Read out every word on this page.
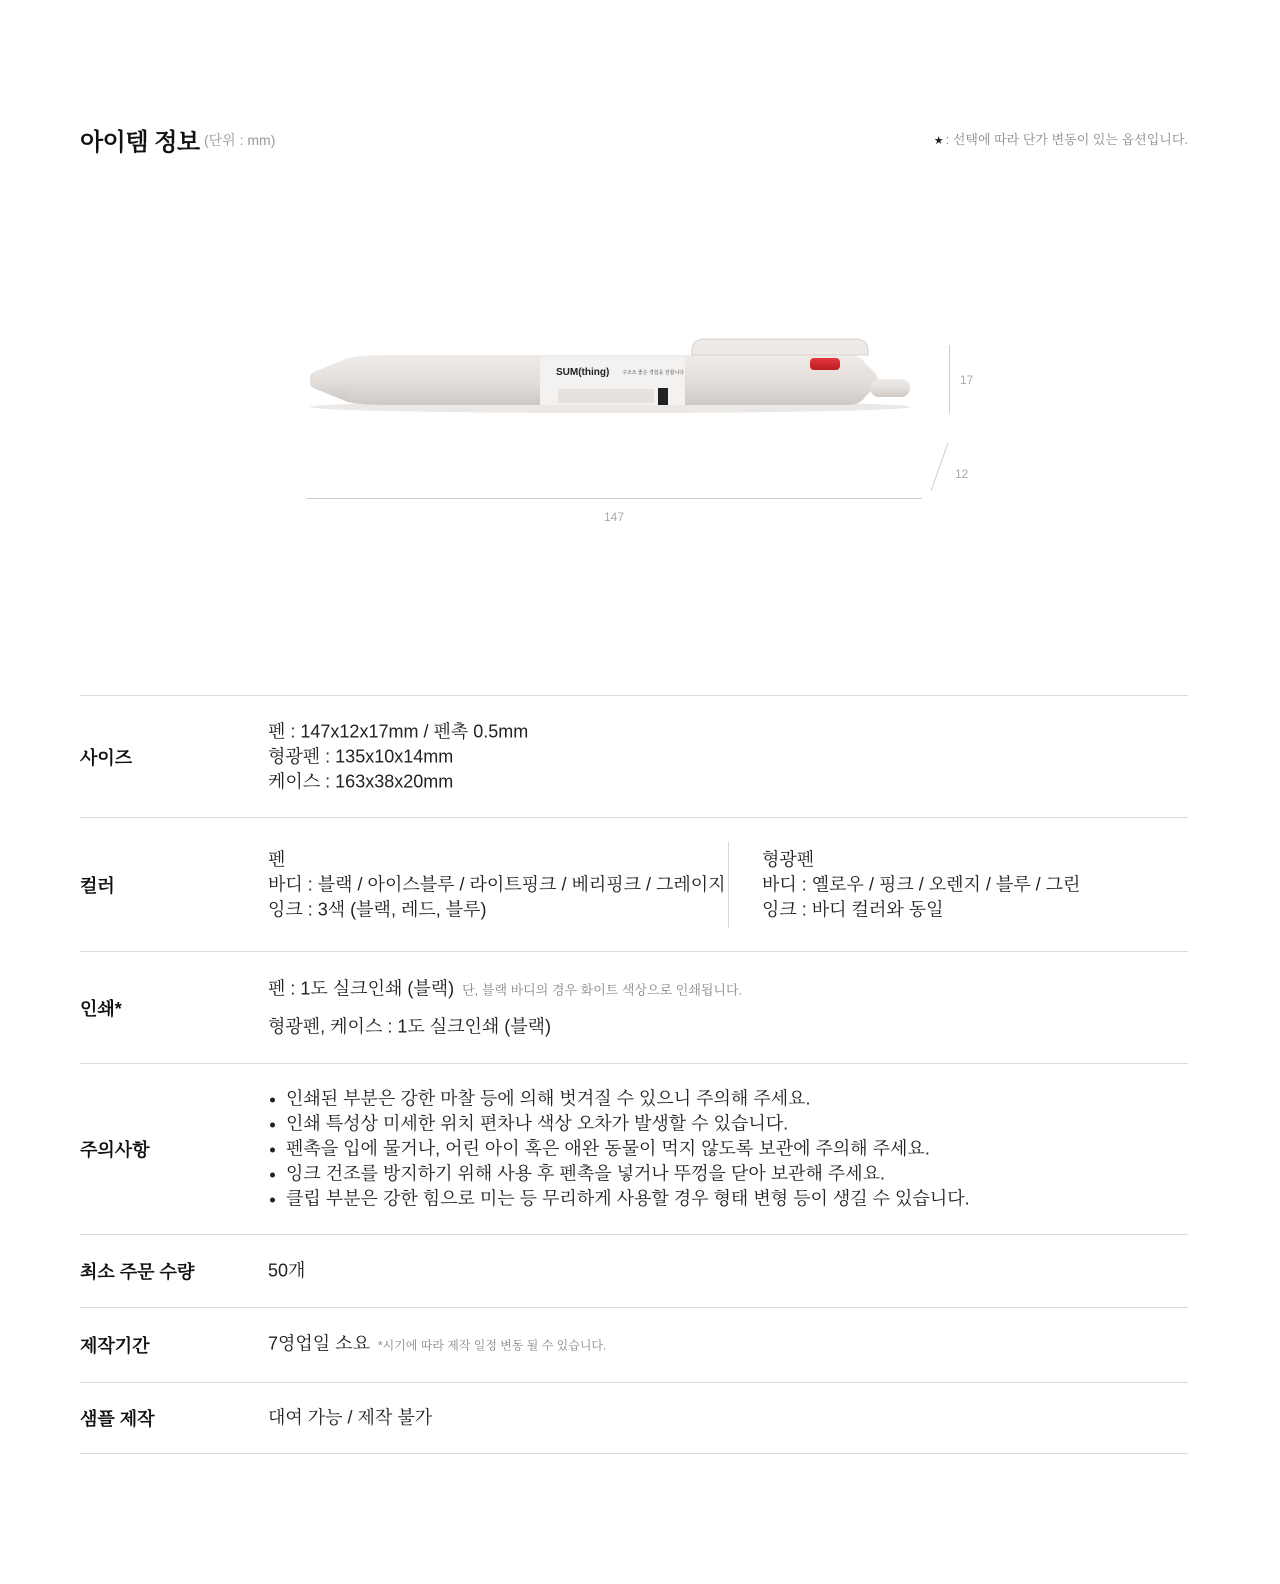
아이템 정보 (단위 : mm)	★ : 선택에 따라 단가 변동이 있는 옵션입니다.
SUM(thing)	구조조 좋은 경험을 전합니다	17
12
147
사이즈
펜 : 147x12x17mm / 펜촉 0.5mm
형광펜 : 135x10x14mm
케이스 : 163x38x20mm
컬러
펜
바디 : 블랙 / 아이스블루 / 라이트핑크 / 베리핑크 / 그레이지
잉크 : 3색 (블랙, 레드, 블루)
형광펜
바디 : 옐로우 / 핑크 / 오렌지 / 블루 / 그린
잉크 : 바디 컬러와 동일
인쇄*
펜 : 1도 실크인쇄 (블랙) 단, 블랙 바디의 경우 화이트 색상으로 인쇄됩니다.
형광펜, 케이스 : 1도 실크인쇄 (블랙)
주의사항
인쇄된 부분은 강한 마찰 등에 의해 벗겨질 수 있으니 주의해 주세요.
인쇄 특성상 미세한 위치 편차나 색상 오차가 발생할 수 있습니다.
펜촉을 입에 물거나, 어린 아이 혹은 애완 동물이 먹지 않도록 보관에 주의해 주세요.
잉크 건조를 방지하기 위해 사용 후 펜촉을 넣거나 뚜껑을 닫아 보관해 주세요.
클립 부분은 강한 힘으로 미는 등 무리하게 사용할 경우 형태 변형 등이 생길 수 있습니다.
최소 주문 수량	50개
제작기간	7영업일 소요 *시기에 따라 제작 일정 변동 될 수 있습니다.
샘플 제작	대여 가능 / 제작 불가
